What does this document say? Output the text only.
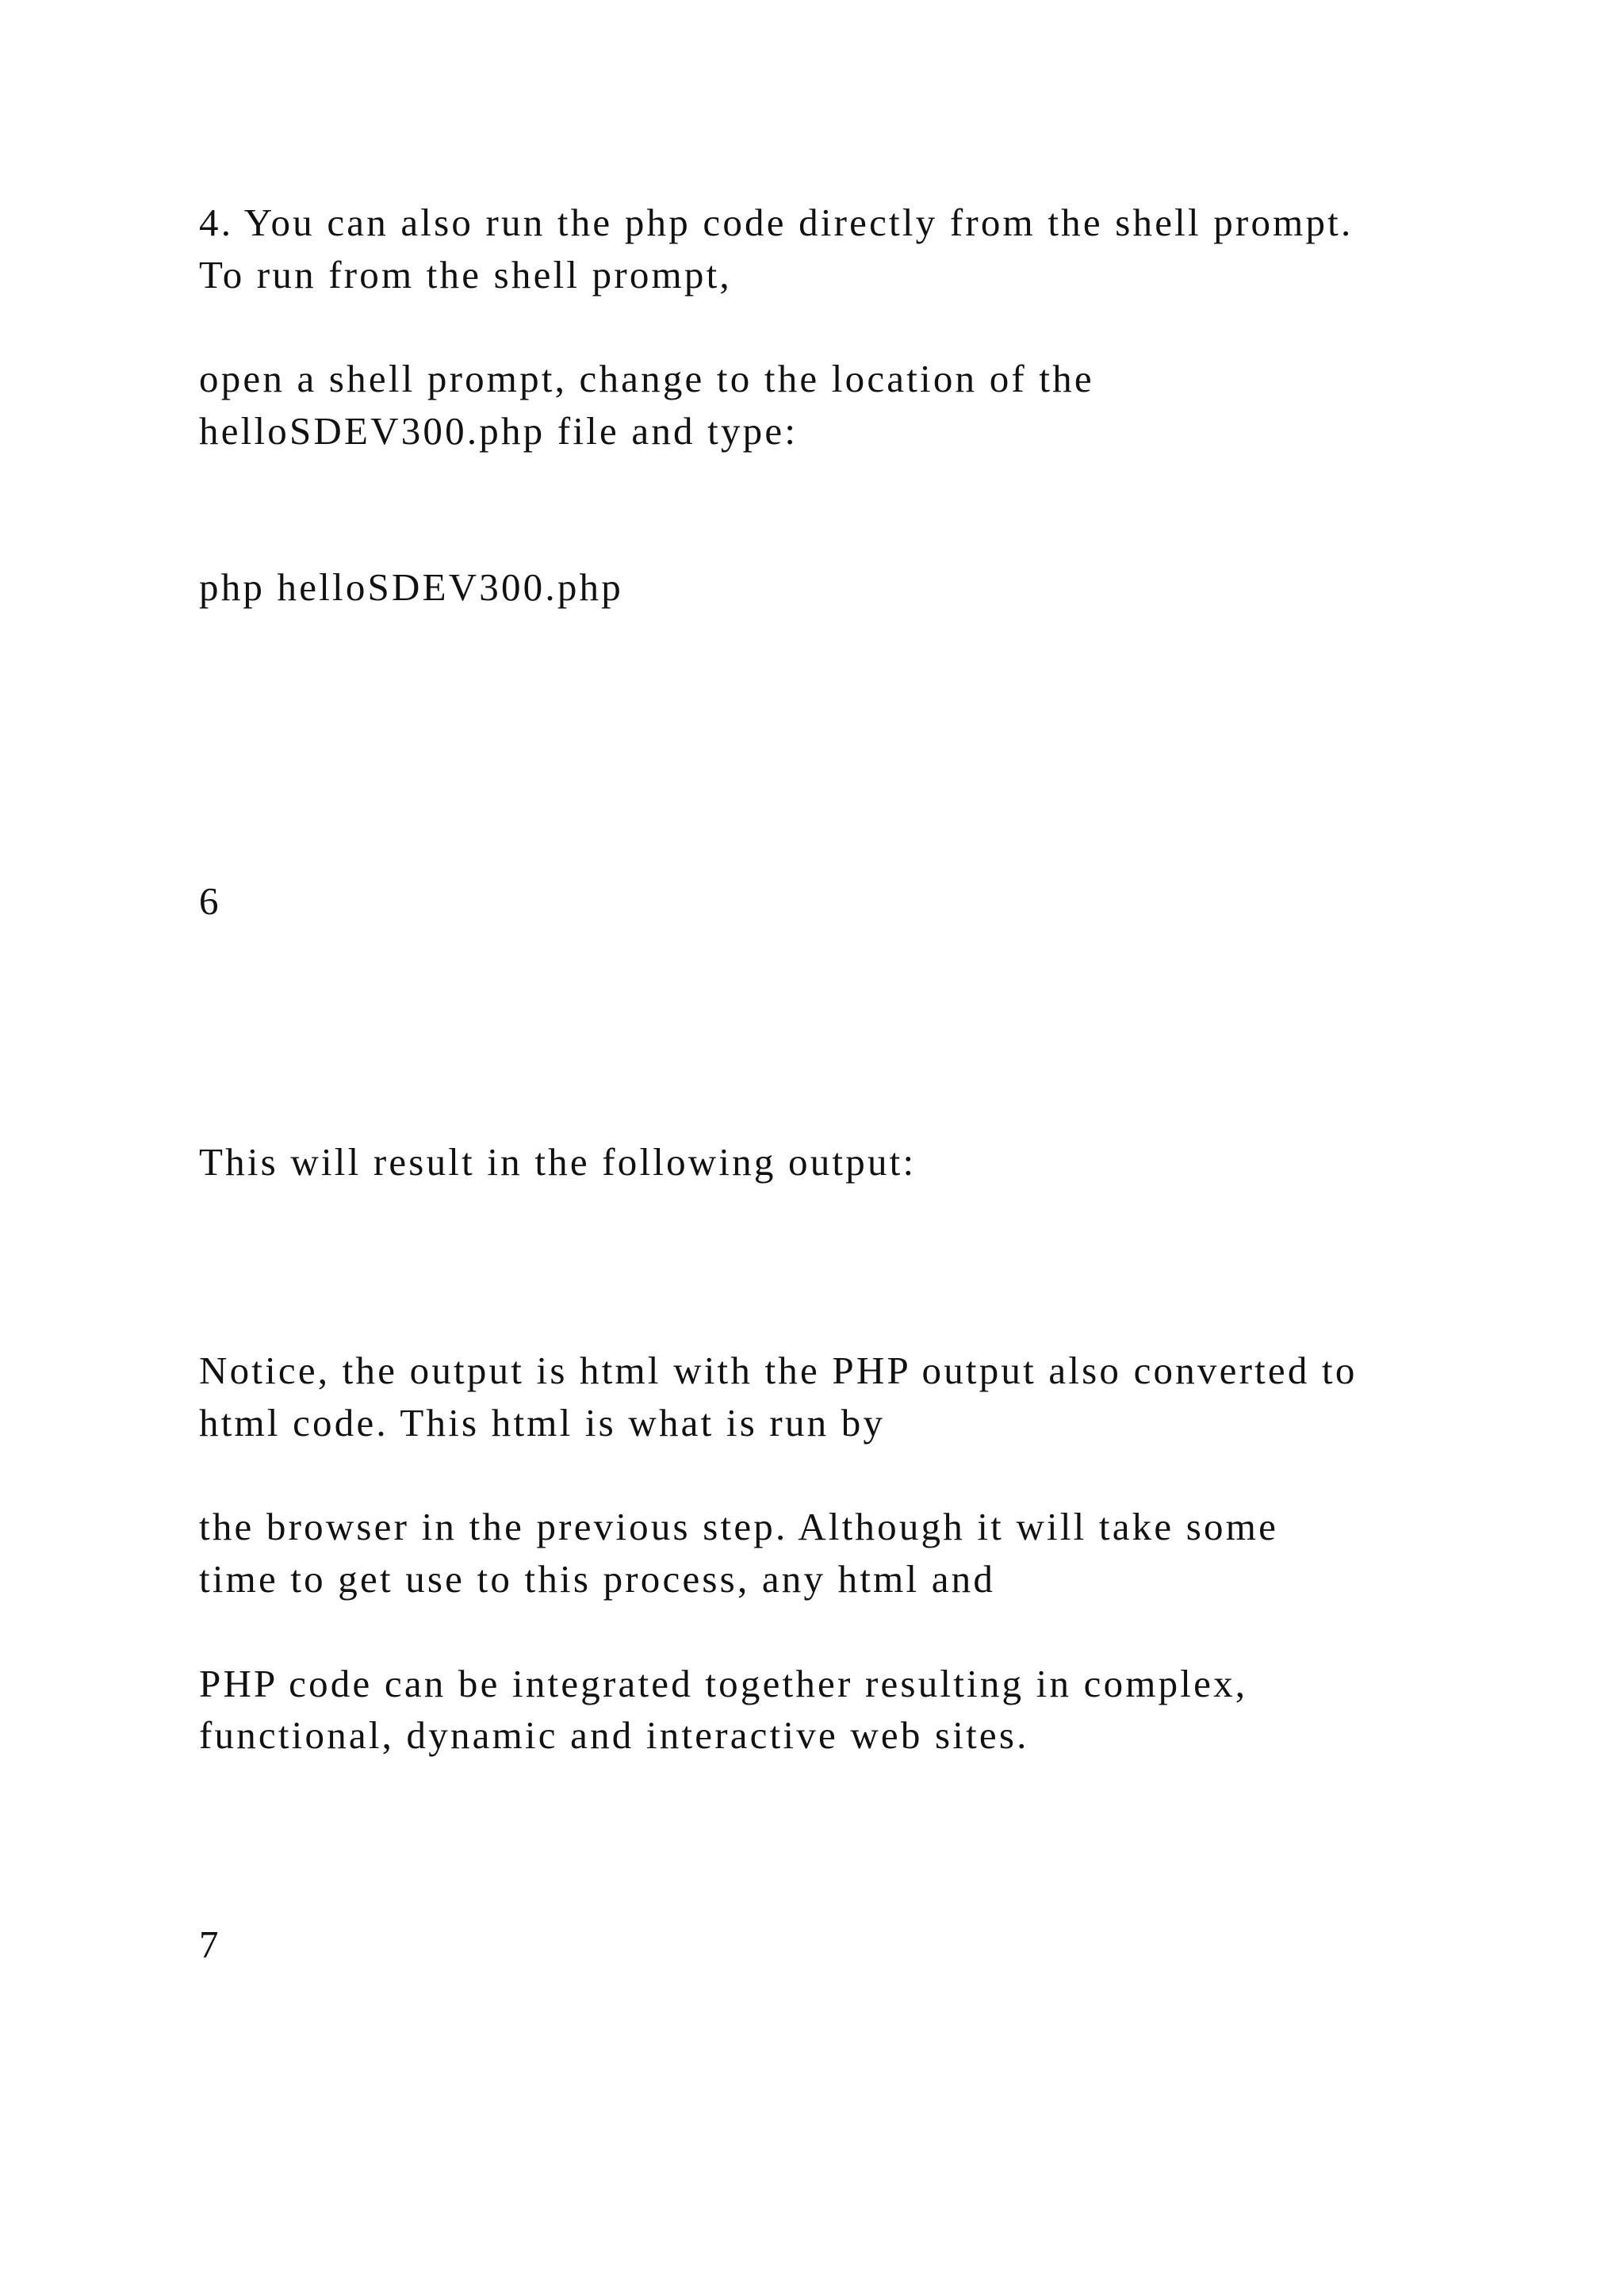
4. You can also run the php code directly from the shell prompt.
To run from the shell prompt,
open a shell prompt, change to the location of the
helloSDEV300.php file and type:
php helloSDEV300.php
6
This will result in the following output:
Notice, the output is html with the PHP output also converted to
html code. This html is what is run by
the browser in the previous step. Although it will take some
time to get use to this process, any html and
PHP code can be integrated together resulting in complex,
functional, dynamic and interactive web sites.
7
